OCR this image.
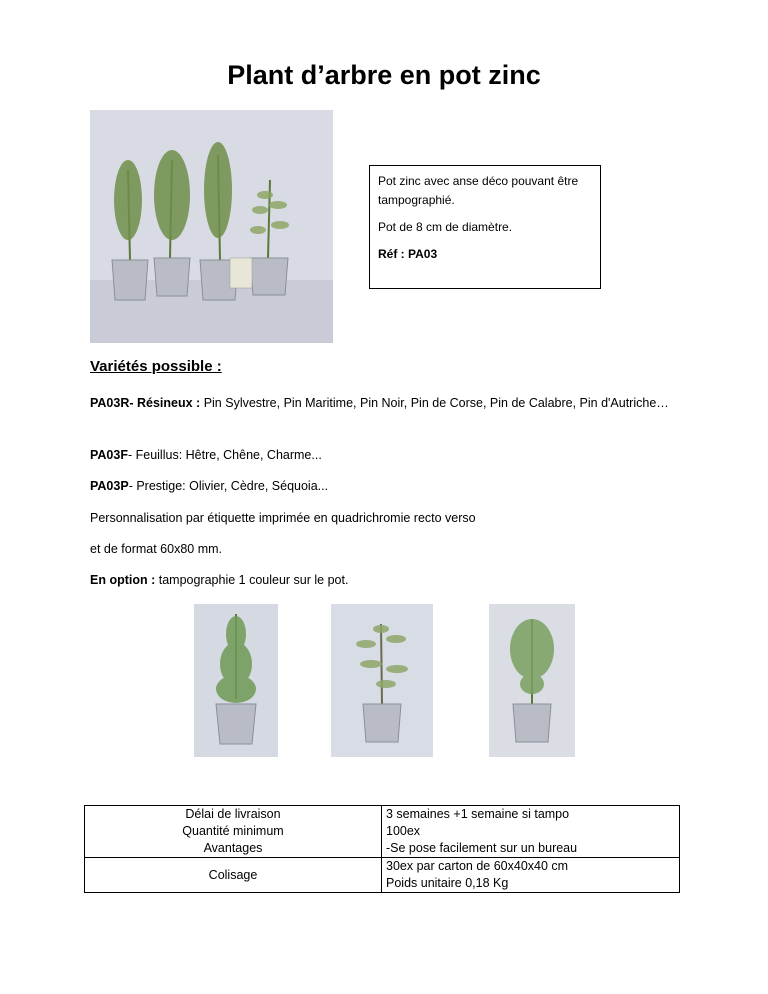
Plant d’arbre en pot zinc

Pot zinc avec anse déco pouvant être tampographié.

Pot de 8 cm de diamètre.

Réf : PA03

Variétés possible :
PA03R- Résineux : Pin Sylvestre, Pin Maritime, Pin Noir, Pin de Corse, Pin de Calabre, Pin d'Autriche…
PA03F- Feuillus: Hêtre, Chêne, Charme...
PA03P- Prestige: Olivier, Cèdre, Séquoia...
Personnalisation par étiquette imprimée en quadrichromie recto verso
et de format 60x80 mm.
En option : tampographie 1 couleur sur le pot.
Délai de livraison	3 semaines +1 semaine si tampo
Quantité minimum	100ex
Avantages	-Se pose facilement sur un bureau
Colisage	30ex par carton de 60x40x40 cm
Poids unitaire 0,18 Kg
